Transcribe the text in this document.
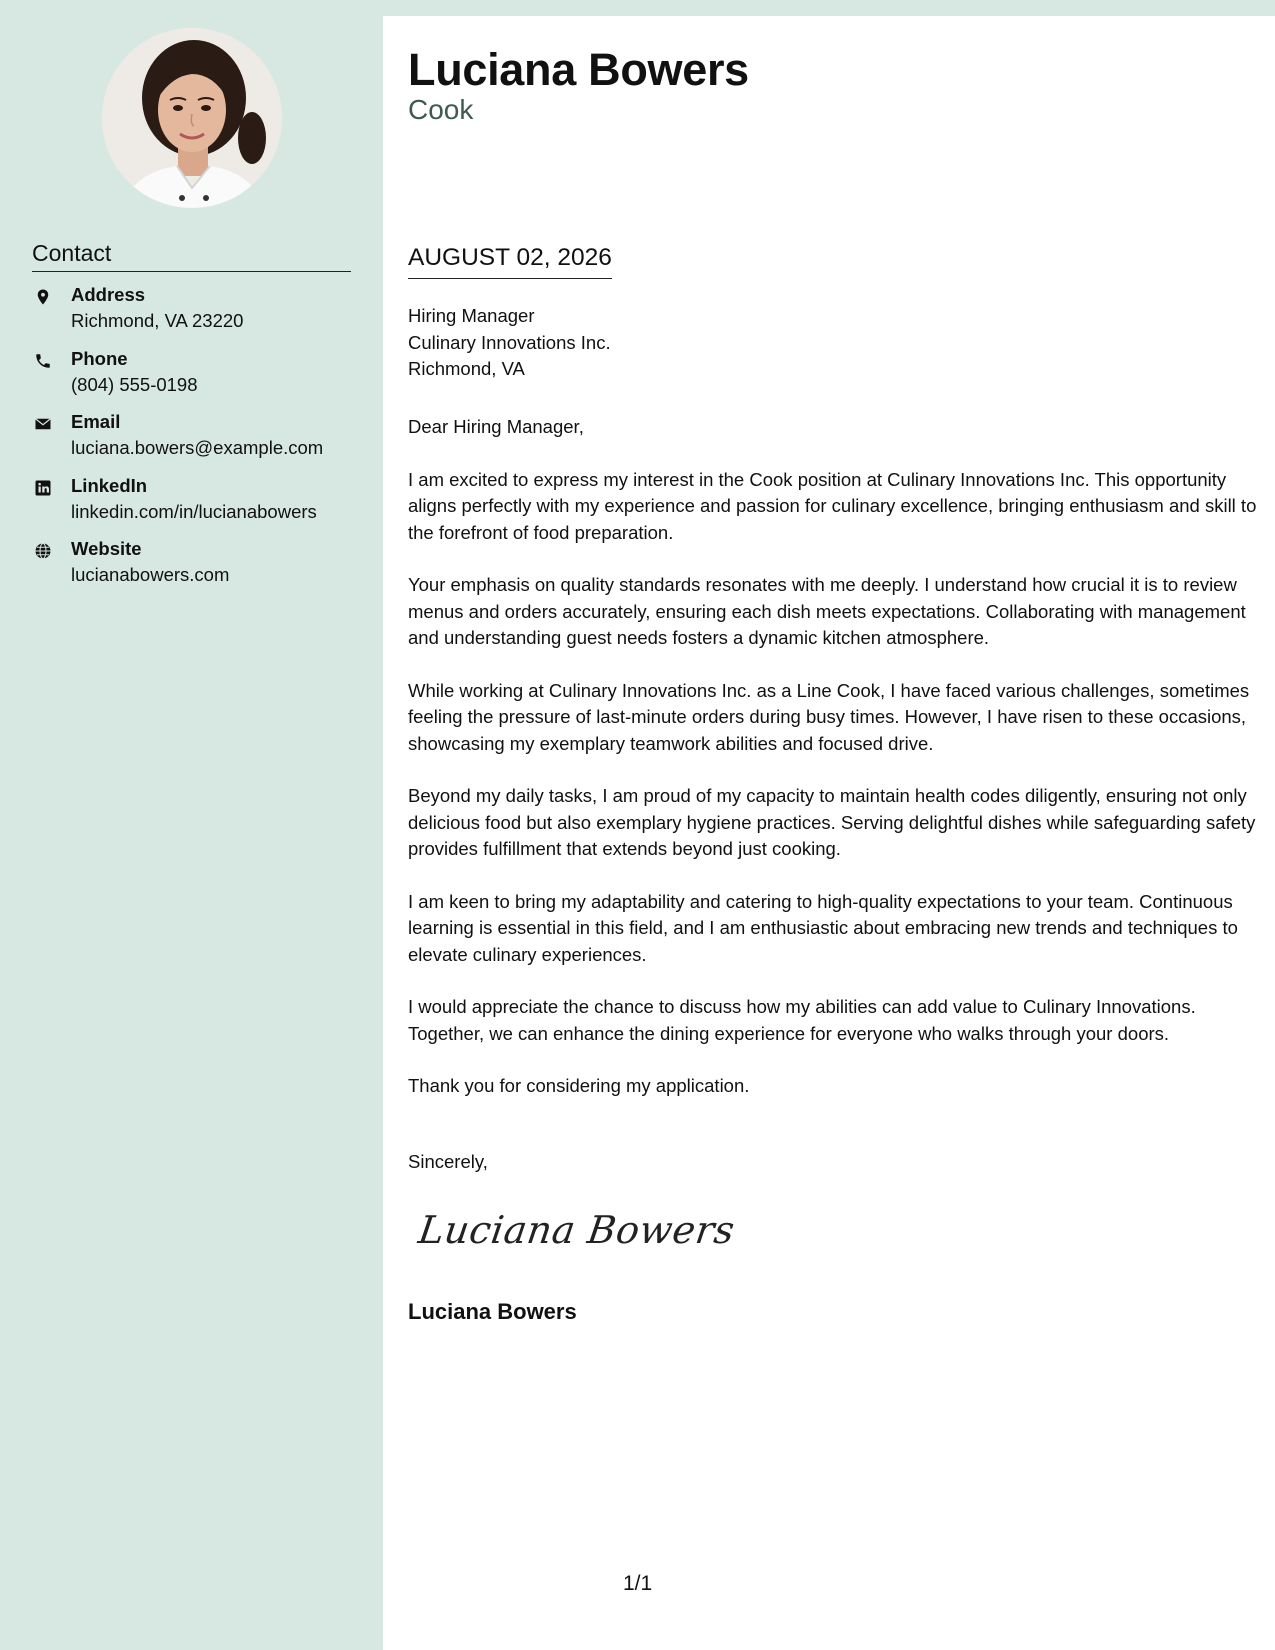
Contact
Address
Richmond, VA 23220
Phone
(804) 555-0198
Email
luciana.bowers@example.com
LinkedIn
linkedin.com/in/lucianabowers
Website
lucianabowers.com
Luciana Bowers
Cook
AUGUST 02, 2026
Hiring Manager
Culinary Innovations Inc.
Richmond, VA
Dear Hiring Manager,

I am excited to express my interest in the Cook position at Culinary Innovations Inc. This opportunity aligns perfectly with my experience and passion for culinary excellence, bringing enthusiasm and skill to the forefront of food preparation.

Your emphasis on quality standards resonates with me deeply. I understand how crucial it is to review menus and orders accurately, ensuring each dish meets expectations. Collaborating with management and understanding guest needs fosters a dynamic kitchen atmosphere.

While working at Culinary Innovations Inc. as a Line Cook, I have faced various challenges, sometimes feeling the pressure of last-minute orders during busy times. However, I have risen to these occasions, showcasing my exemplary teamwork abilities and focused drive.

Beyond my daily tasks, I am proud of my capacity to maintain health codes diligently, ensuring not only delicious food but also exemplary hygiene practices. Serving delightful dishes while safeguarding safety provides fulfillment that extends beyond just cooking.

I am keen to bring my adaptability and catering to high-quality expectations to your team. Continuous learning is essential in this field, and I am enthusiastic about embracing new trends and techniques to elevate culinary experiences.

I would appreciate the chance to discuss how my abilities can add value to Culinary Innovations. Together, we can enhance the dining experience for everyone who walks through your doors.

Thank you for considering my application.

Sincerely,
Luciana Bowers
Luciana Bowers
1/1
